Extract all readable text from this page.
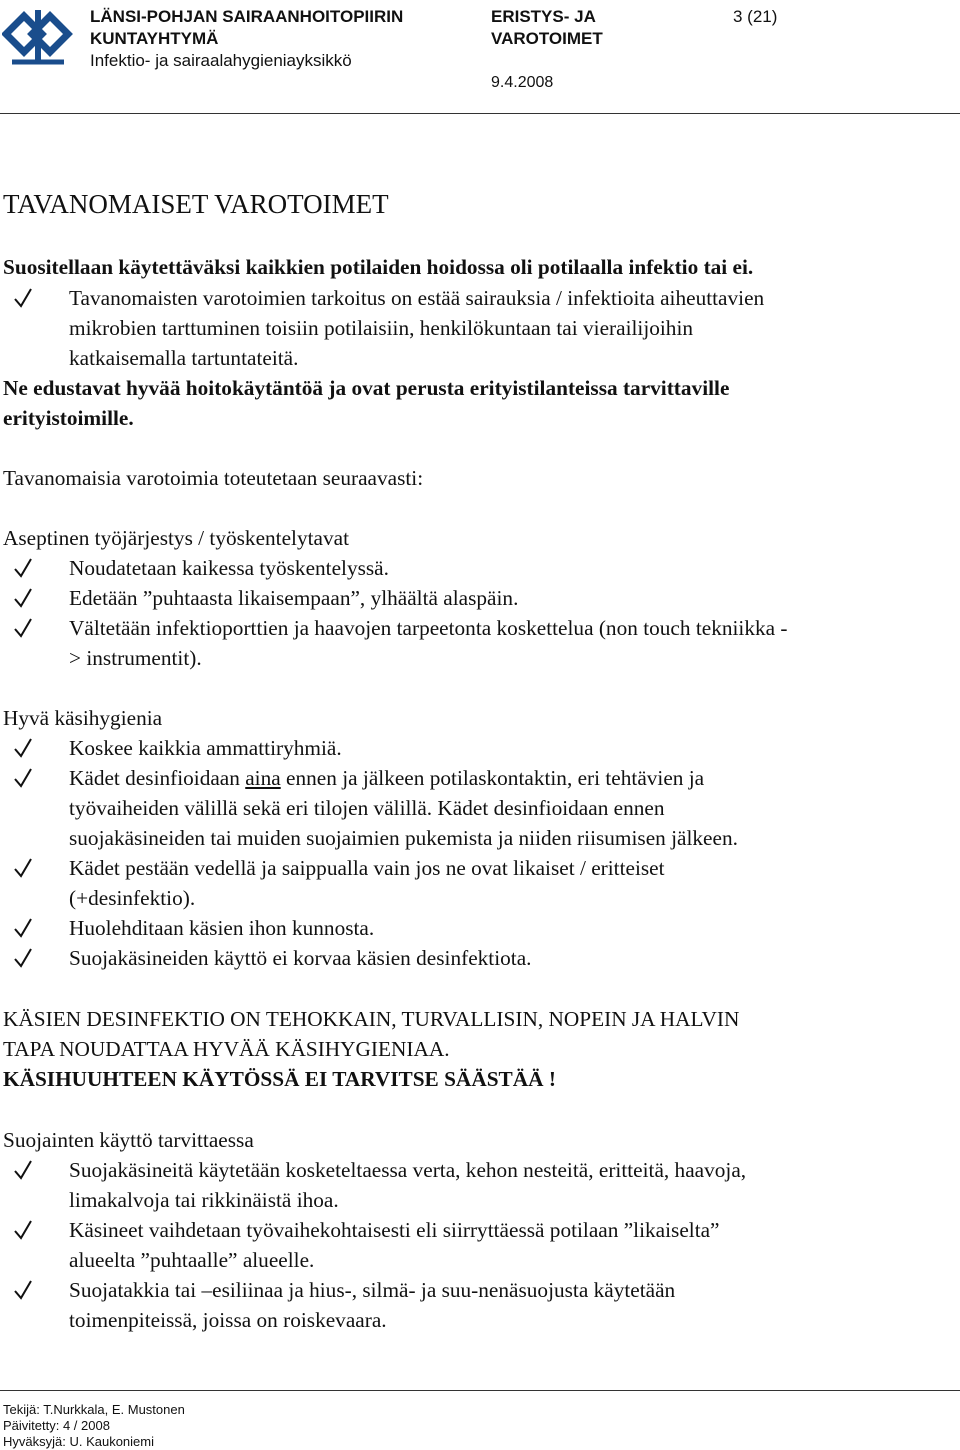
LÄNSI-POHJAN SAIRAANHOITOPIIRIN
KUNTAYHTYMÄ
Infektio- ja sairaalahygieniayksikkö
ERISTYS- JA
VAROTOIMET
9.4.2008
3 (21)
TAVANOMAISET VAROTOIMET
Suositellaan käytettäväksi kaikkien potilaiden hoidossa oli potilaalla infektio tai ei.
Tavanomaisten varotoimien tarkoitus on estää sairauksia / infektioita aiheuttavien
mikrobien tarttuminen toisiin potilaisiin, henkilökuntaan tai vierailijoihin
katkaisemalla tartuntateitä.
Ne edustavat hyvää hoitokäytäntöä ja ovat perusta erityistilanteissa tarvittaville
erityistoimille.
Tavanomaisia varotoimia toteutetaan seuraavasti:
Aseptinen työjärjestys / työskentelytavat
Noudatetaan kaikessa työskentelyssä.
Edetään ”puhtaasta likaisempaan”, ylhäältä alaspäin.
Vältetään infektioporttien ja haavojen tarpeetonta koskettelua (non touch tekniikka -
> instrumentit).
Hyvä käsihygienia
Koskee kaikkia ammattiryhmiä.
Kädet desinfioidaan aina ennen ja jälkeen potilaskontaktin, eri tehtävien ja
työvaiheiden välillä sekä eri tilojen välillä. Kädet desinfioidaan ennen
suojakäsineiden tai muiden suojaimien pukemista ja niiden riisumisen jälkeen.
Kädet pestään vedellä ja saippualla vain jos ne ovat likaiset / eritteiset
(+desinfektio).
Huolehditaan käsien ihon kunnosta.
Suojakäsineiden käyttö ei korvaa käsien desinfektiota.
KÄSIEN DESINFEKTIO ON TEHOKKAIN, TURVALLISIN, NOPEIN JA HALVIN
TAPA NOUDATTAA HYVÄÄ KÄSIHYGIENIAA.
KÄSIHUUHTEEN KÄYTÖSSÄ EI TARVITSE SÄÄSTÄÄ !
Suojainten käyttö tarvittaessa
Suojakäsineitä käytetään kosketeltaessa verta, kehon nesteitä, eritteitä, haavoja,
limakalvoja tai rikkinäistä ihoa.
Käsineet vaihdetaan työvaihekohtaisesti eli siirryttäessä potilaan ”likaiselta”
alueelta ”puhtaalle” alueelle.
Suojatakkia tai –esiliinaa ja hius-, silmä- ja suu-nenäsuojusta käytetään
toimenpiteissä, joissa on roiskevaara.
Tekijä: T.Nurkkala, E. Mustonen
Päivitetty: 4 / 2008
Hyväksyjä: U. Kaukoniemi
